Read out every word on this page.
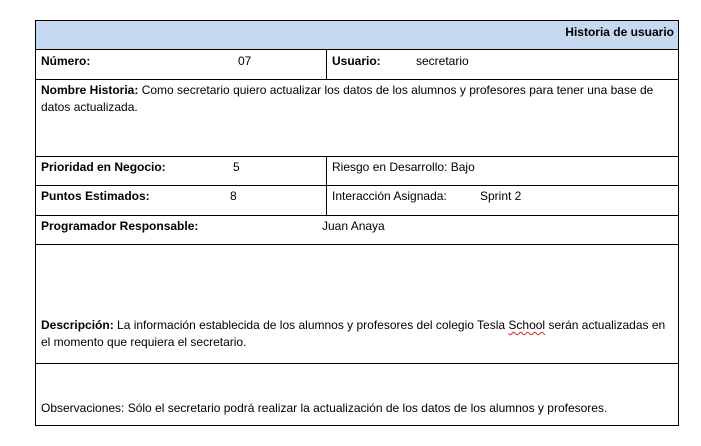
Historia de usuario
Número:	07	Usuario:	secretario
Nombre Historia: Como secretario quiero actualizar los datos de los alumnos y profesores para tener una base de datos actualizada.
Prioridad en Negocio:	5	Riesgo en Desarrollo: Bajo
Puntos Estimados:	8	Interacción Asignada:	Sprint 2
Programador Responsable:	Juan Anaya
Descripción: La información establecida de los alumnos y profesores del colegio Tesla School serán actualizadas en el momento que requiera el secretario.
Observaciones: Sólo el secretario podrá realizar la actualización de los datos de los alumnos y profesores.
